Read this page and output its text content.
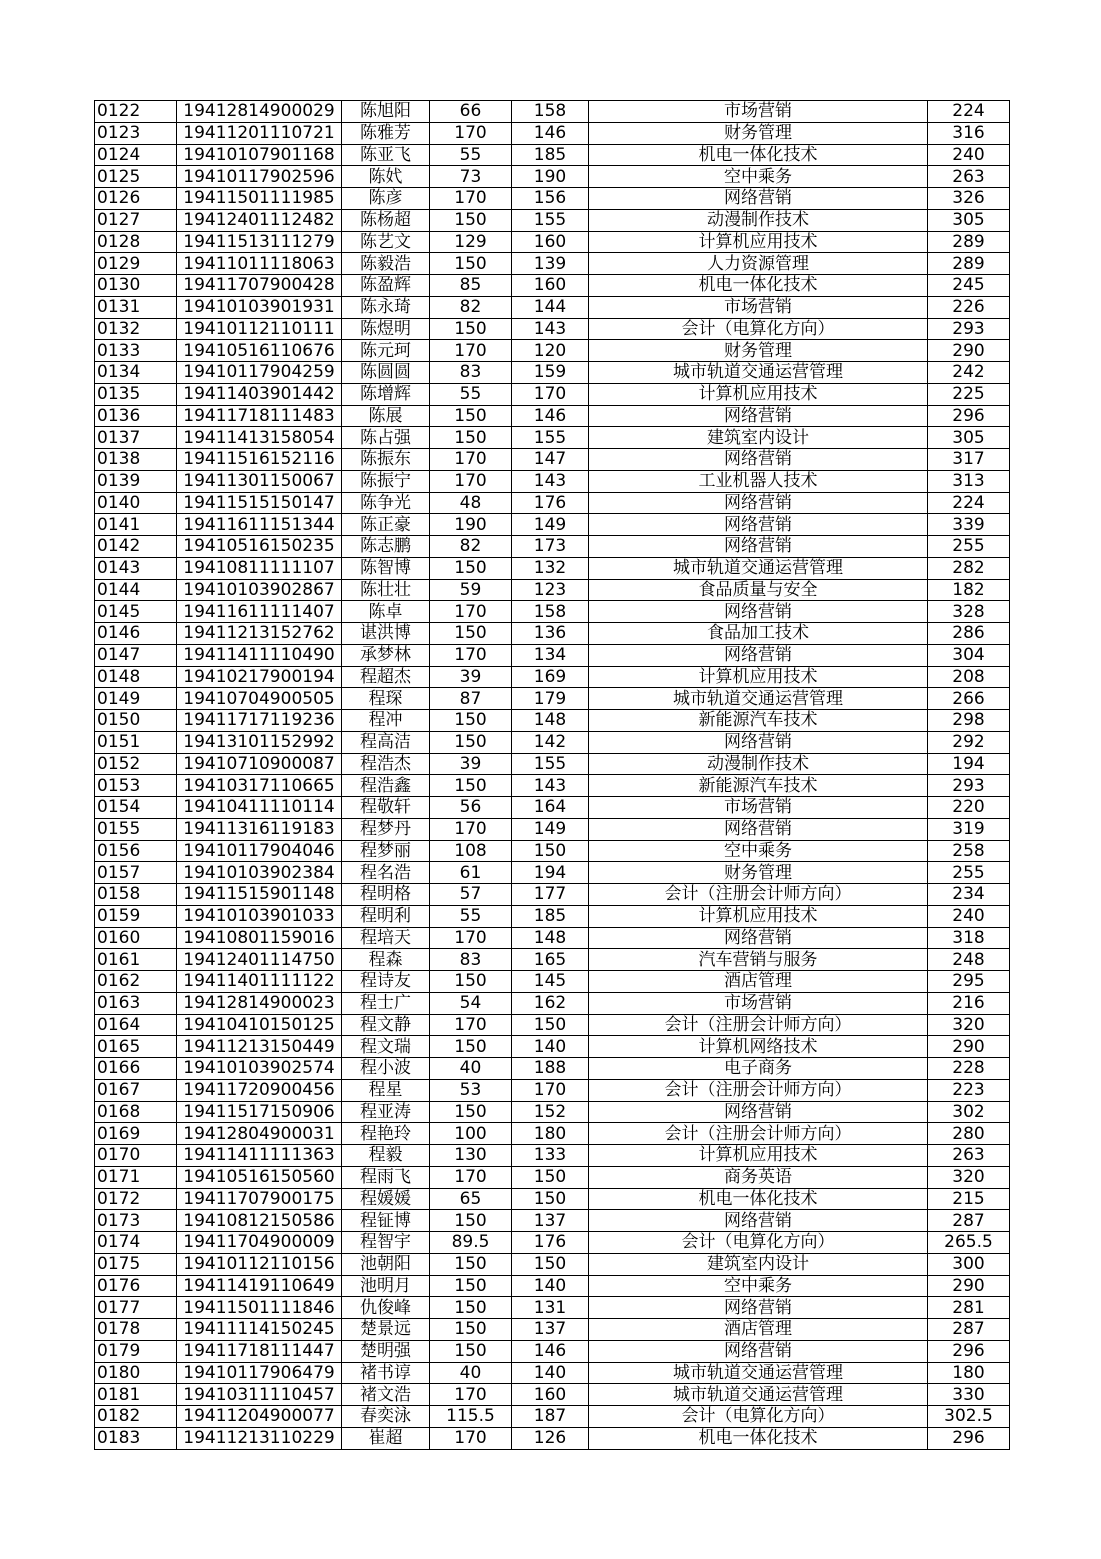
0122	19412814900029	陈旭阳	66	158	市场营销	224
0123	19411201110721	陈雅芳	170	146	财务管理	316
0124	19410107901168	陈亚飞	55	185	机电一体化技术	240
0125	19410117902596	陈㚤	73	190	空中乘务	263
0126	19411501111985	陈彦	170	156	网络营销	326
0127	19412401112482	陈杨超	150	155	动漫制作技术	305
0128	19411513111279	陈艺文	129	160	计算机应用技术	289
0129	19411011118063	陈毅浩	150	139	人力资源管理	289
0130	19411707900428	陈盈辉	85	160	机电一体化技术	245
0131	19410103901931	陈永琦	82	144	市场营销	226
0132	19410112110111	陈煜明	150	143	会计（电算化方向）	293
0133	19410516110676	陈元珂	170	120	财务管理	290
0134	19410117904259	陈圆圆	83	159	城市轨道交通运营管理	242
0135	19411403901442	陈增辉	55	170	计算机应用技术	225
0136	19411718111483	陈展	150	146	网络营销	296
0137	19411413158054	陈占强	150	155	建筑室内设计	305
0138	19411516152116	陈振东	170	147	网络营销	317
0139	19411301150067	陈振宁	170	143	工业机器人技术	313
0140	19411515150147	陈争光	48	176	网络营销	224
0141	19411611151344	陈正豪	190	149	网络营销	339
0142	19410516150235	陈志鹏	82	173	网络营销	255
0143	19410811111107	陈智博	150	132	城市轨道交通运营管理	282
0144	19410103902867	陈壮壮	59	123	食品质量与安全	182
0145	19411611111407	陈卓	170	158	网络营销	328
0146	19411213152762	谌洪博	150	136	食品加工技术	286
0147	19411411110490	承梦林	170	134	网络营销	304
0148	19410217900194	程超杰	39	169	计算机应用技术	208
0149	19410704900505	程琛	87	179	城市轨道交通运营管理	266
0150	19411717119236	程冲	150	148	新能源汽车技术	298
0151	19413101152992	程高洁	150	142	网络营销	292
0152	19410710900087	程浩杰	39	155	动漫制作技术	194
0153	19410317110665	程浩鑫	150	143	新能源汽车技术	293
0154	19410411110114	程敬轩	56	164	市场营销	220
0155	19411316119183	程梦丹	170	149	网络营销	319
0156	19410117904046	程梦丽	108	150	空中乘务	258
0157	19410103902384	程名浩	61	194	财务管理	255
0158	19411515901148	程明格	57	177	会计（注册会计师方向）	234
0159	19410103901033	程明利	55	185	计算机应用技术	240
0160	19410801159016	程培天	170	148	网络营销	318
0161	19412401114750	程森	83	165	汽车营销与服务	248
0162	19411401111122	程诗友	150	145	酒店管理	295
0163	19412814900023	程士广	54	162	市场营销	216
0164	19410410150125	程文静	170	150	会计（注册会计师方向）	320
0165	19411213150449	程文瑞	150	140	计算机网络技术	290
0166	19410103902574	程小波	40	188	电子商务	228
0167	19411720900456	程星	53	170	会计（注册会计师方向）	223
0168	19411517150906	程亚涛	150	152	网络营销	302
0169	19412804900031	程艳玲	100	180	会计（注册会计师方向）	280
0170	19411411111363	程毅	130	133	计算机应用技术	263
0171	19410516150560	程雨飞	170	150	商务英语	320
0172	19411707900175	程媛媛	65	150	机电一体化技术	215
0173	19410812150586	程钲博	150	137	网络营销	287
0174	19411704900009	程智宇	89.5	176	会计（电算化方向）	265.5
0175	19410112110156	池朝阳	150	150	建筑室内设计	300
0176	19411419110649	池明月	150	140	空中乘务	290
0177	19411501111846	仇俊峰	150	131	网络营销	281
0178	19411114150245	楚景远	150	137	酒店管理	287
0179	19411718111447	楚明强	150	146	网络营销	296
0180	19410117906479	褚书谆	40	140	城市轨道交通运营管理	180
0181	19410311110457	褚文浩	170	160	城市轨道交通运营管理	330
0182	19411204900077	春奕泳	115.5	187	会计（电算化方向）	302.5
0183	19411213110229	崔超	170	126	机电一体化技术	296
